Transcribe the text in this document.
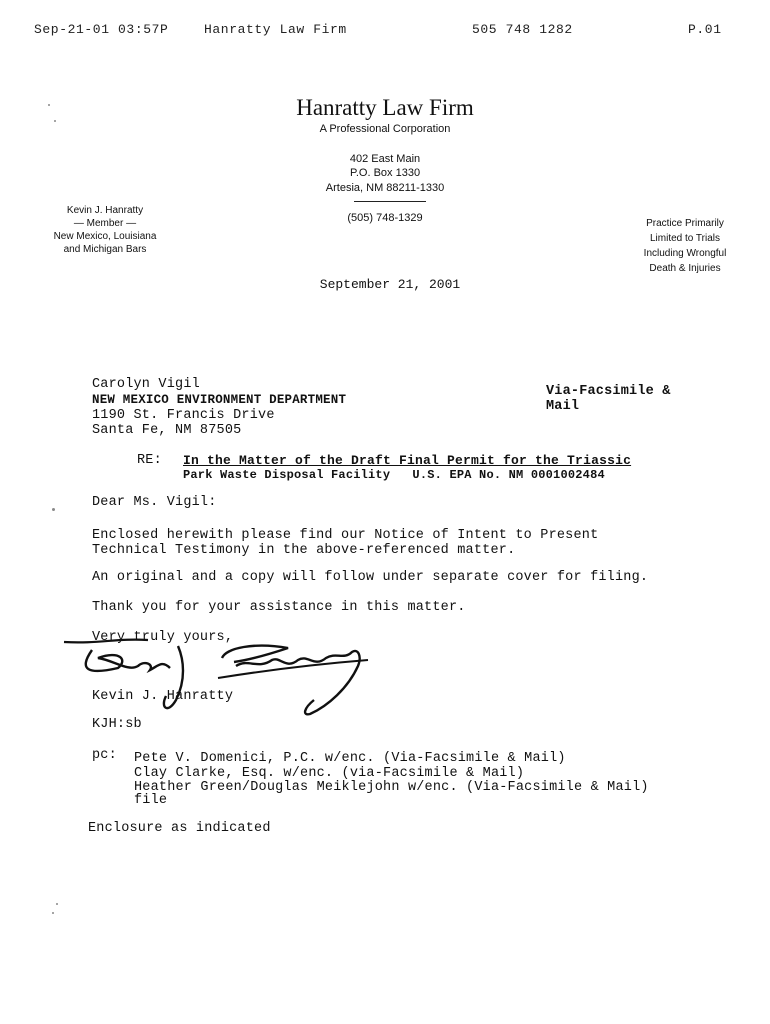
Sep-21-01 03:57P	Hanratty Law Firm	505 748 1282	P.01
Hanratty Law Firm
A Professional Corporation
402 East Main
P.O. Box 1330
Artesia, NM 88211-1330
(505) 748-1329
Kevin J. Hanratty
— Member —
New Mexico, Louisiana
and Michigan Bars
Practice Primarily
Limited to Trials
Including Wrongful
Death & Injuries
September 21, 2001
Carolyn Vigil
NEW MEXICO ENVIRONMENT DEPARTMENT
1190 St. Francis Drive
Santa Fe, NM 87505
Via-Facsimile &
Mail
RE: In the Matter of the Draft Final Permit for the Triassic
Park Waste Disposal Facility   U.S. EPA No. NM 0001002484
Dear Ms. Vigil:
Enclosed herewith please find our Notice of Intent to Present
Technical Testimony in the above-referenced matter.
An original and a copy will follow under separate cover for filing.
Thank you for your assistance in this matter.
Very truly yours,
Kevin J. Hanratty
KJH:sb
pc: Pete V. Domenici, P.C. w/enc. (Via-Facsimile & Mail)
Clay Clarke, Esq. w/enc. (via-Facsimile & Mail)
Heather Green/Douglas Meiklejohn w/enc. (Via-Facsimile & Mail)
file
Enclosure as indicated
